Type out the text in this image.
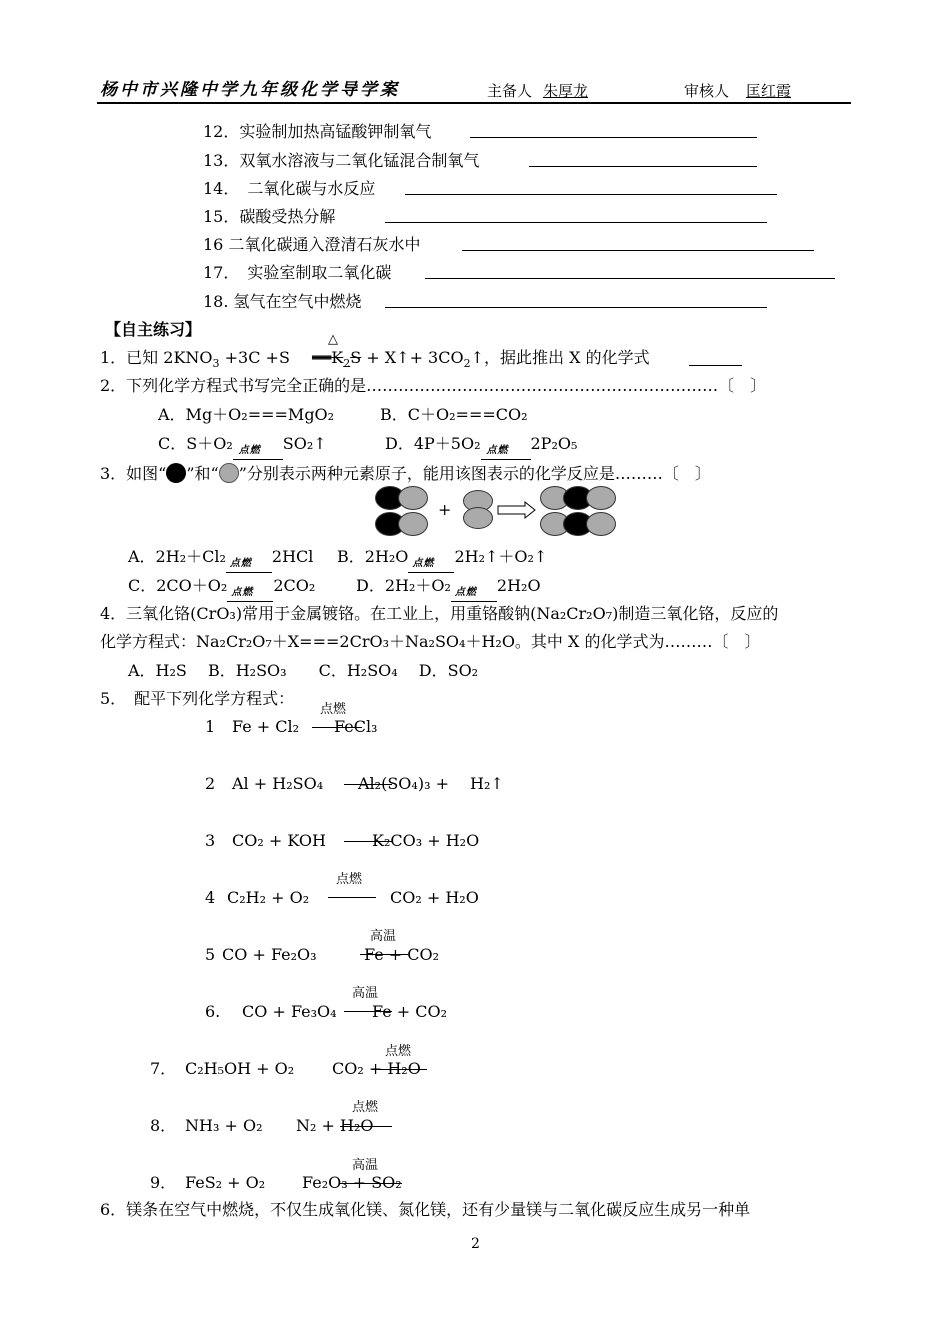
杨中市兴隆中学九年级化学导学案	主备人 朱厚龙	审核人	匡红霞
12．实验制加热高锰酸钾制氧气
13．双氧水溶液与二氧化锰混合制氧气
14．　二氧化碳与水反应
15．碳酸受热分解
16 二氧化碳通入澄清石灰水中
17．　实验室制取二氧化碳
18. 氢气在空气中燃烧
【自主练习】
1．已知 $2KNO_3 +3C +S$
△
$══K_2S$ + X↑+ $3CO_2↑$，据此推出 X 的化学式
2．下列化学方程式书写完全正确的是…………………………………………………………〔　〕
A．Mg＋O₂===MgO₂	B．C＋O₂===CO₂
C．S＋O₂ 点燃 SO₂↑	D．4P＋5O₂ 点燃 2P₂O₅
3．如图“ ”和“ ”分别表示两种元素原子，能用该图表示的化学反应是………〔　〕
+
A．2H₂＋Cl₂ 点燃 2HCl B．2H₂O 点燃 2H₂↑＋O₂↑
C．2CO＋O₂ 点燃 2CO₂	D．2H₂＋O₂ 点燃 2H₂O
4．三氧化铬(CrO₃)常用于金属镀铬。在工业上，用重铬酸钠(Na₂Cr₂O₇)制造三氧化铬，反应的
化学方程式：Na₂Cr₂O₇＋X===2CrO₃＋Na₂SO₄＋H₂O。其中 X 的化学式为………〔　〕
A．H₂S　 B．H₂SO₃　　C．H₂SO₄　 D．SO₂
5．　配平下列化学方程式：
1 Fe + Cl₂
点燃
FeCl₃
2 Al + H₂SO₄ Al₂(SO₄)₃ + 　H₂↑
3 CO₂ + KOH	K₂CO₃ + H₂O
4 C₂H₂ + O₂
点燃
CO₂ + H₂O
5 CO + Fe₂O₃
高温
Fe + CO₂
6. CO + Fe₃O₄
高温
Fe + CO₂
7． C₂H₅OH + O₂
点燃
CO₂ + H₂O
8． NH₃ + O₂
点燃
N₂ + H₂O
9． FeS₂ + O₂
高温
Fe₂O₃ + SO₂
6．镁条在空气中燃烧，不仅生成氧化镁、氮化镁，还有少量镁与二氧化碳反应生成另一种单
2
